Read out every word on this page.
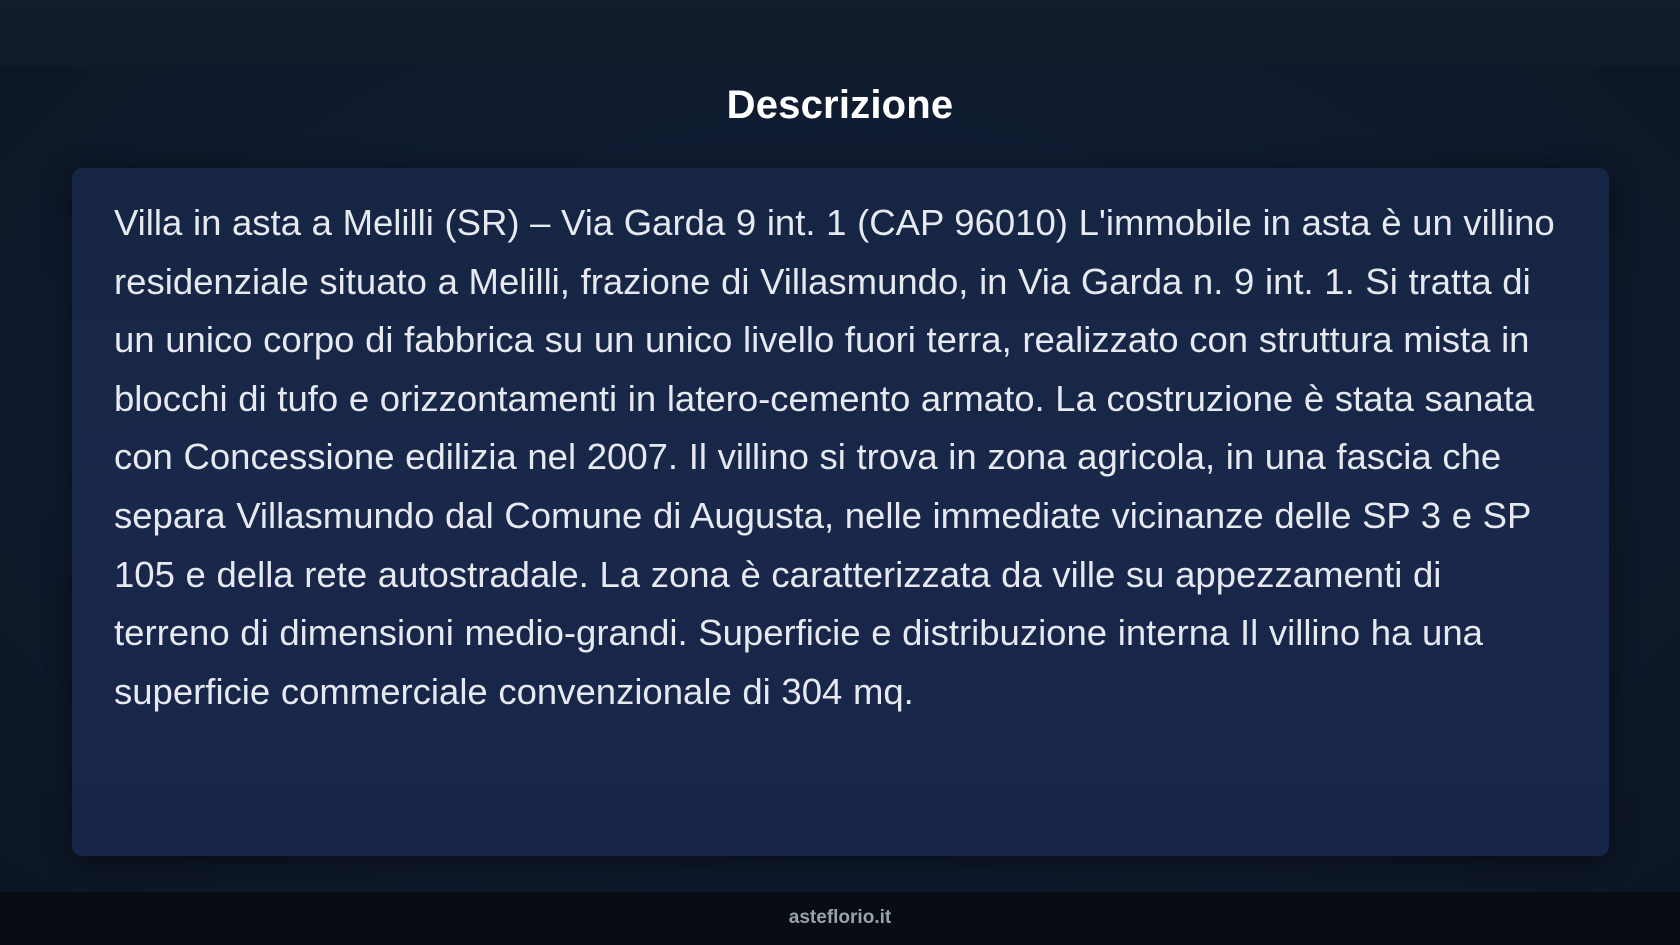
Descrizione

Villa in asta a Melilli (SR) – Via Garda 9 int. 1 (CAP 96010) L'immobile in asta è un villino residenziale situato a Melilli, frazione di Villasmundo, in Via Garda n. 9 int. 1. Si tratta di un unico corpo di fabbrica su un unico livello fuori terra, realizzato con struttura mista in blocchi di tufo e orizzontamenti in latero-cemento armato. La costruzione è stata sanata con Concessione edilizia nel 2007. Il villino si trova in zona agricola, in una fascia che separa Villasmundo dal Comune di Augusta, nelle immediate vicinanze delle SP 3 e SP 105 e della rete autostradale. La zona è caratterizzata da ville su appezzamenti di terreno di dimensioni medio-grandi. Superficie e distribuzione interna Il villino ha una superficie commerciale convenzionale di 304 mq.

asteflorio.it
